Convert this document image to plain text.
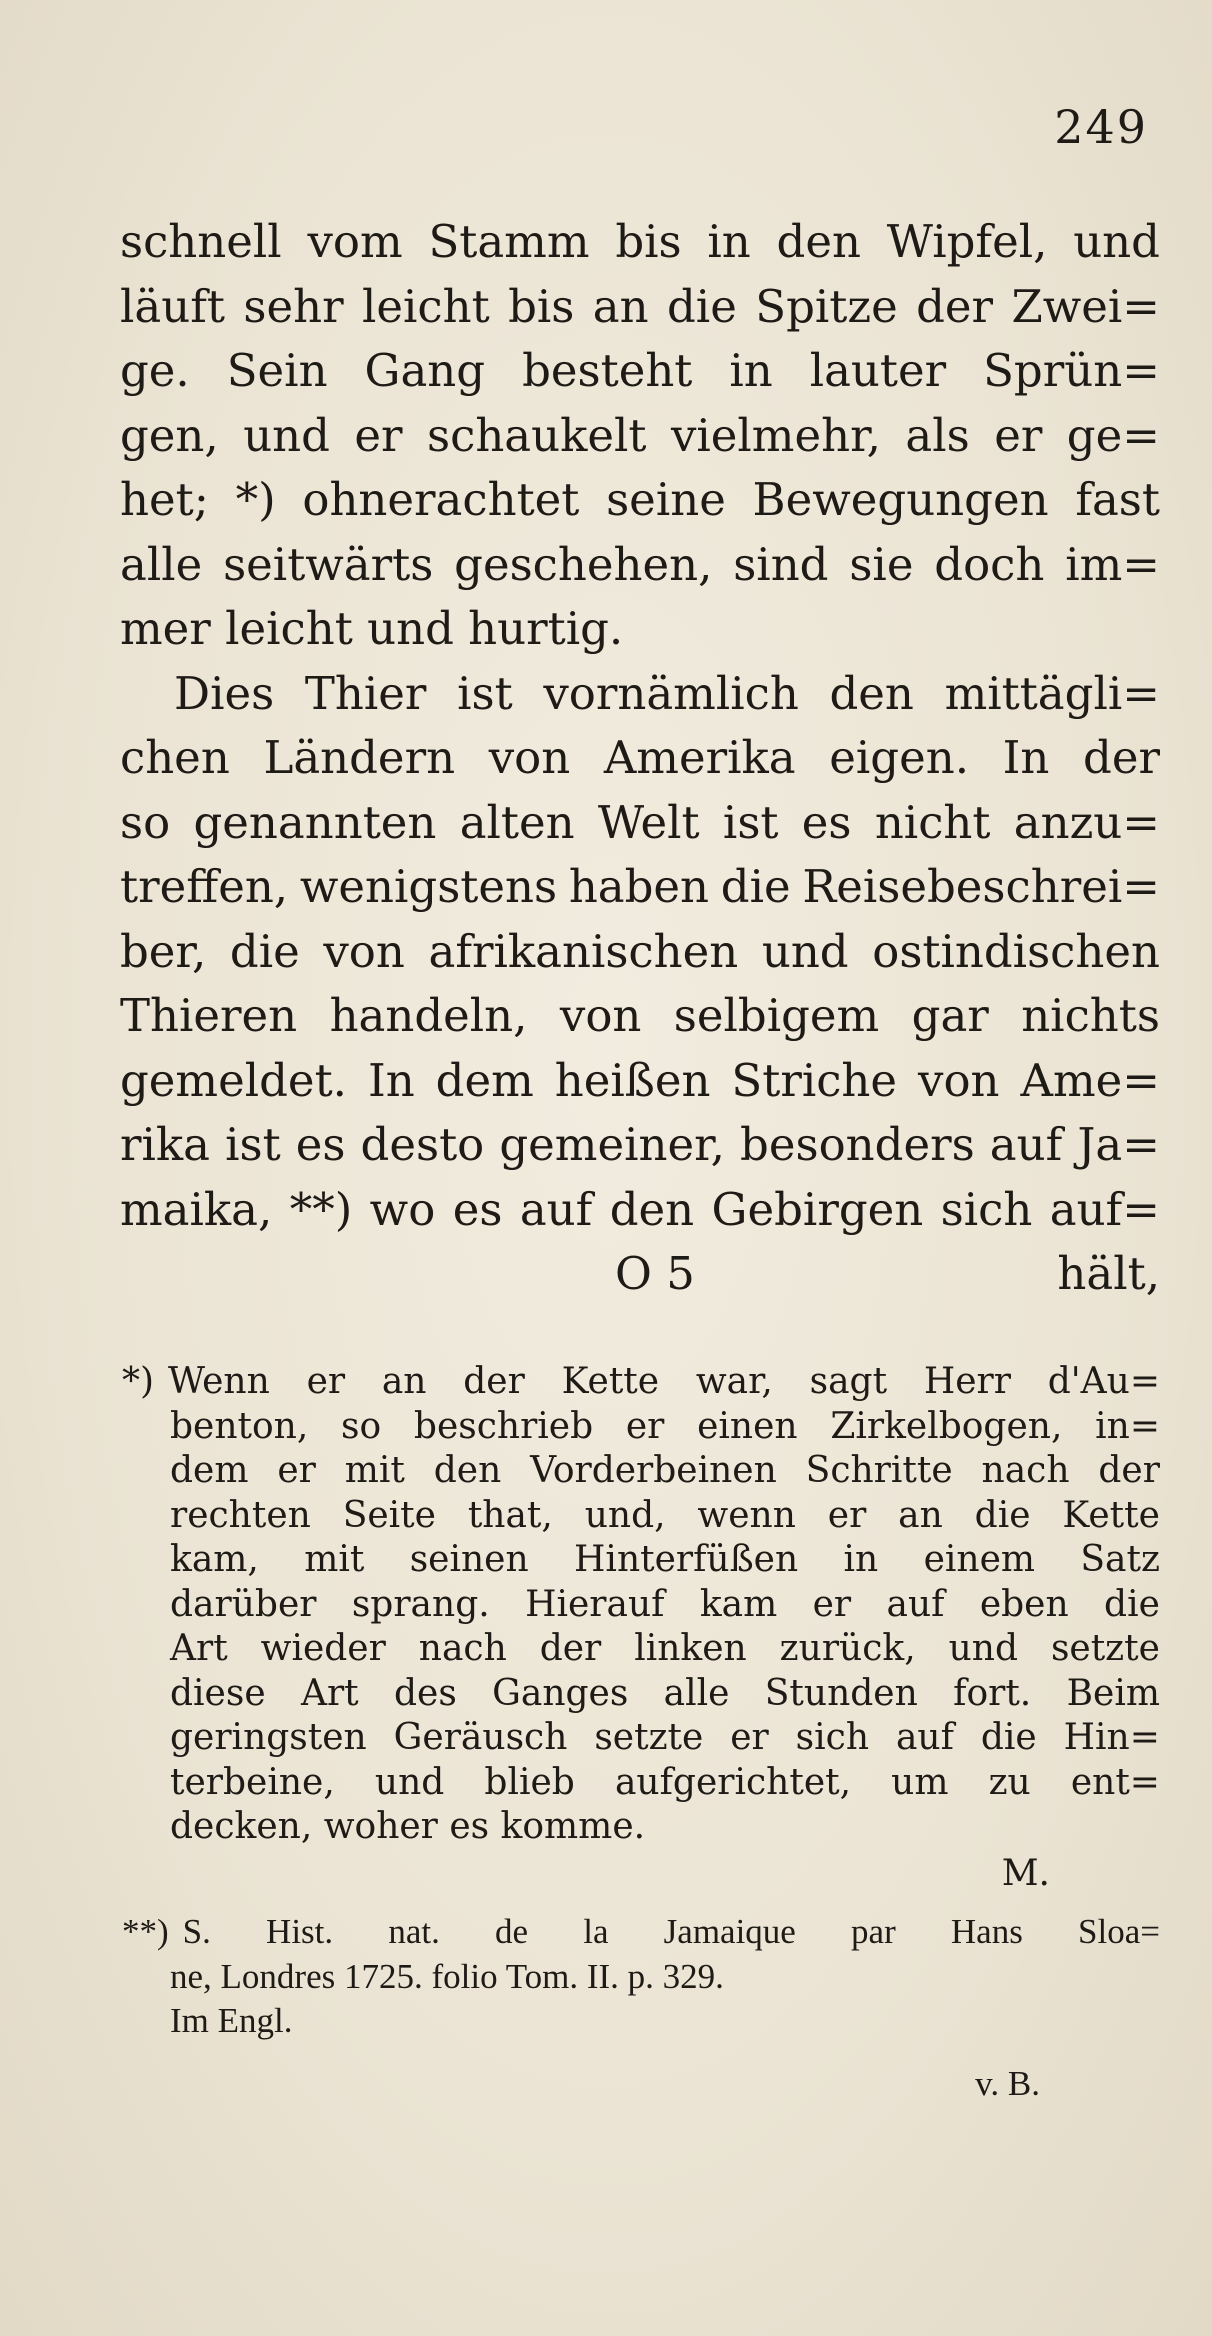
249
schnell vom Stamm bis in den Wipfel, und
läuft sehr leicht bis an die Spitze der Zwei=
ge. Sein Gang besteht in lauter Sprün=
gen, und er schaukelt vielmehr, als er ge=
het; *) ohnerachtet seine Bewegungen fast
alle seitwärts geschehen, sind sie doch im=
mer leicht und hurtig.
Dies Thier ist vornämlich den mittägli=
chen Ländern von Amerika eigen. In der
so genannten alten Welt ist es nicht anzu=
treffen, wenigstens haben die Reisebeschrei=
ber, die von afrikanischen und ostindischen
Thieren handeln, von selbigem gar nichts
gemeldet. In dem heißen Striche von Ame=
rika ist es desto gemeiner, besonders auf Ja=
maika, **) wo es auf den Gebirgen sich auf=
O 5	hält,
*) Wenn er an der Kette war, sagt Herr d'Au=
benton, so beschrieb er einen Zirkelbogen, in=
dem er mit den Vorderbeinen Schritte nach der
rechten Seite that, und, wenn er an die Kette
kam, mit seinen Hinterfüßen in einem Satz
darüber sprang. Hierauf kam er auf eben die
Art wieder nach der linken zurück, und setzte
diese Art des Ganges alle Stunden fort. Beim
geringsten Geräusch setzte er sich auf die Hin=
terbeine, und blieb aufgerichtet, um zu ent=
decken, woher es komme.
M.
**) S. Hist. nat. de la Jamaique par Hans Sloa=
ne, Londres 1725. folio Tom. II. p. 329.
Im Engl.
v. B.
